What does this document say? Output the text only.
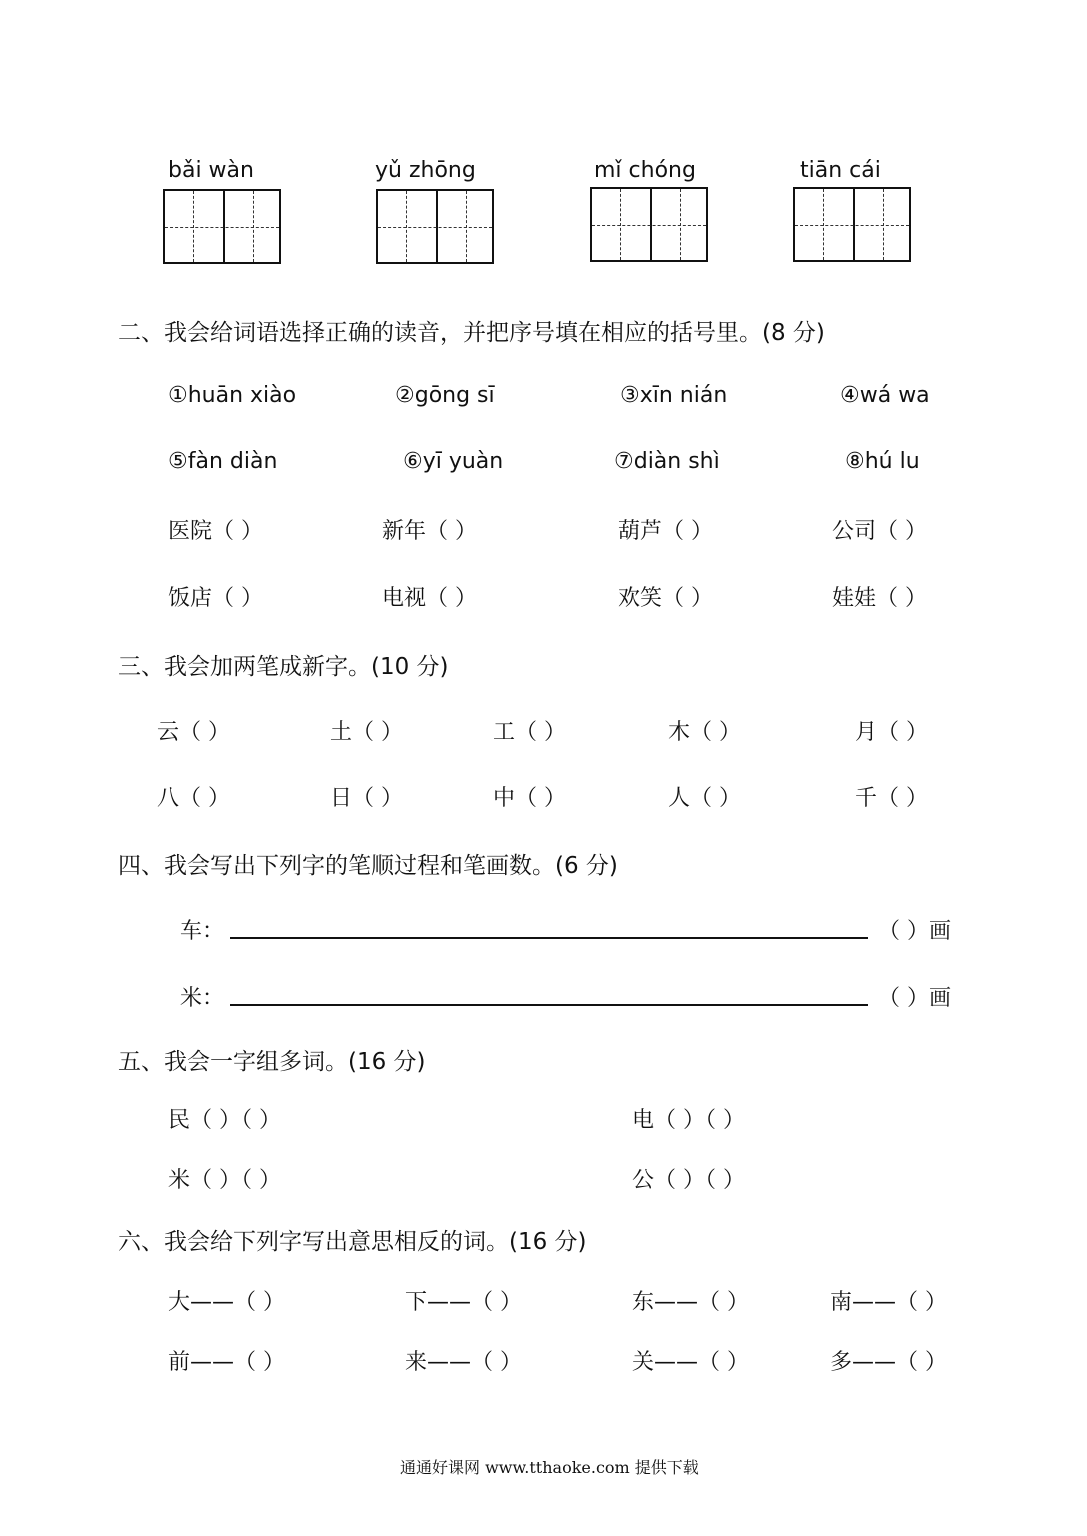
bǎi wàn	yǔ zhōng	mǐ chóng	tiān cái
二、我会给词语选择正确的读音，并把序号填在相应的括号里。(8 分)
①huān xiào	②gōng sī	③xīn nián	④wá wa
⑤fàn diàn	⑥yī yuàn	⑦diàn shì	⑧hú lu
医院（ ）	新年（ ）	葫芦（ ）	公司（ ）
饭店（ ）	电视（ ）	欢笑（ ）	娃娃（ ）
三、我会加两笔成新字。(10 分)
云（ ）	土（ ）	工（ ）	木（ ）	月（ ）
八（ ）	日（ ）	中（ ）	人（ ）	千（ ）
四、我会写出下列字的笔顺过程和笔画数。(6 分)
车：	（ ）画
米：	（ ）画
五、我会一字组多词。(16 分)
民（ ）（ ）	电（ ）（ ）
米（ ）（ ）	公（ ）（ ）
六、我会给下列字写出意思相反的词。(16 分)
大——（ ）	下——（ ）	东——（ ）	南——（ ）
前——（ ）	来——（ ）	关——（ ）	多——（ ）
通通好课网 www.tthaoke.com 提供下载
